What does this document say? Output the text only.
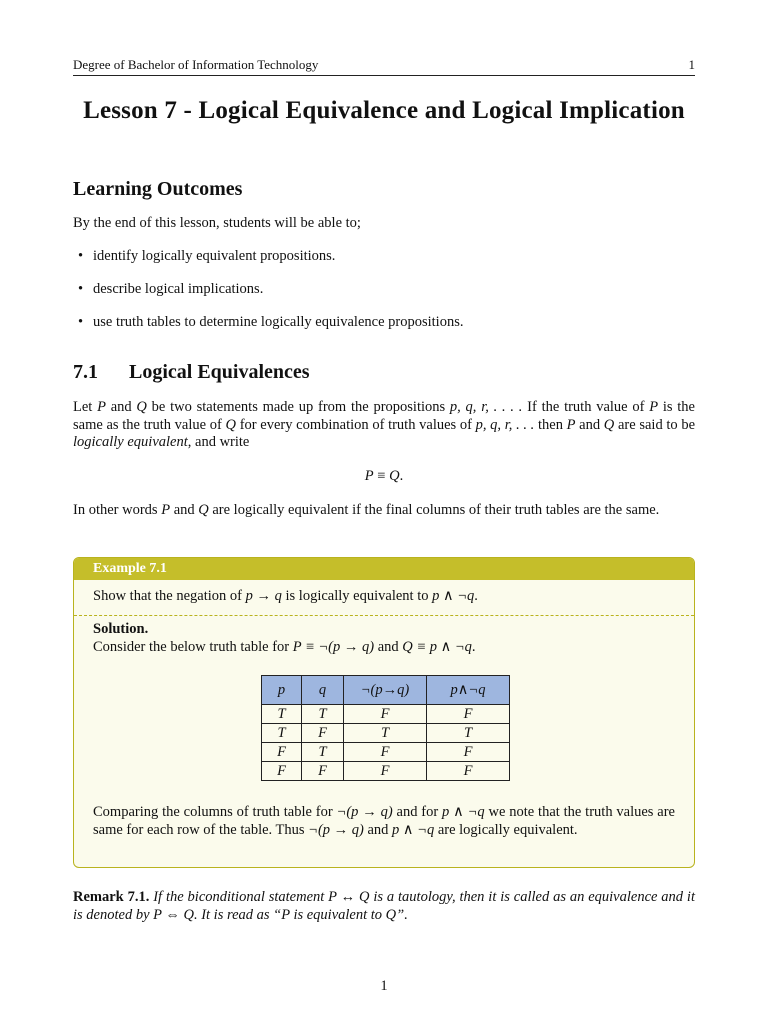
Degree of Bachelor of Information Technology	1
Lesson 7 - Logical Equivalence and Logical Implication
Learning Outcomes
By the end of this lesson, students will be able to;
• identify logically equivalent propositions.
• describe logical implications.
• use truth tables to determine logically equivalence propositions.
7.1 Logical Equivalences
Let P and Q be two statements made up from the propositions p, q, r, . . . . If the truth value of P is the same as the truth value of Q for every combination of truth values of p, q, r, . . . then P and Q are said to be logically equivalent, and write
P ≡ Q.
In other words P and Q are logically equivalent if the final columns of their truth tables are the same.
Example 7.1
Show that the negation of p → q is logically equivalent to p ∧ ¬q.
Solution.
Consider the below truth table for P ≡ ¬(p → q) and Q ≡ p ∧ ¬q.
p	q	¬(p→q)	p∧¬q
T	T	F	F
T	F	T	T
F	T	F	F
F	F	F	F
Comparing the columns of truth table for ¬(p → q) and for p ∧ ¬q we note that the truth values are same for each row of the table. Thus ¬(p → q) and p ∧ ¬q are logically equivalent.
Remark 7.1. If the biconditional statement P ↔ Q is a tautology, then it is called as an equivalence and it is denoted by P ⇔ Q. It is read as “P is equivalent to Q”.
1
